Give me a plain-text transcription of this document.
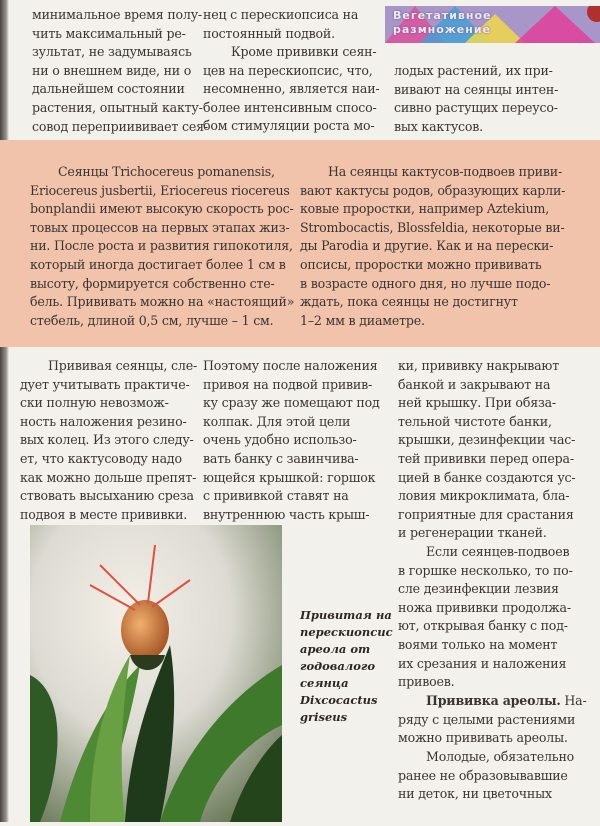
минимальное время полу-
чить максимальный ре-
зультат, не задумываясь
ни о внешнем виде, ни о
дальнейшем состоянии
растения, опытный какту-
совод переприививает сея-
нец с перескиопсиса на
постоянный подвой.
Кроме прививки сеян-
цев на перескиопсис, что,
несомненно, является наи-
более интенсивным спосо-
бом стимуляции роста мо-
Вегетативное
размножение
лодых растений, их при-
вивают на сеянцы интен-
сивно растущих переусо-
вых кактусов.
Сеянцы Trichocereus pomanensis,
Eriocereus jusbertii, Eriocereus riocereus
bonplandii имеют высокую скорость рос-
товых процессов на первых этапах жиз-
ни. После роста и развития гипокотиля,
который иногда достигает более 1 см в
высоту, формируется собственно сте-
бель. Прививать можно на «настоящий»
стебель, длиной 0,5 см, лучше – 1 см.
На сеянцы кактусов-подвоев приви-
вают кактусы родов, образующих карли-
ковые проростки, например Aztekium,
Strombocactis, Blossfeldia, некоторые ви-
ды Parodia и другие. Как и на перески-
опсисы, проростки можно прививать
в возрасте одного дня, но лучше подо-
ждать, пока сеянцы не достигнут
1–2 мм в диаметре.
Прививая сеянцы, сле-
дует учитывать практиче-
ски полную невозмож-
ность наложения резино-
вых колец. Из этого следу-
ет, что кактусоводу надо
как можно дольше препят-
ствовать высыханию среза
подвоя в месте прививки.
Поэтому после наложения
привоя на подвой привив-
ку сразу же помещают под
колпак. Для этой цели
очень удобно использо-
вать банку с завинчива-
ющейся крышкой: горшок
с прививкой ставят на
внутреннюю часть крыш-
ки, прививку накрывают
банкой и закрывают на
ней крышку. При обяза-
тельной чистоте банки,
крышки, дезинфекции час-
тей прививки перед опера-
цией в банке создаются ус-
ловия микроклимата, бла-
гоприятные для срастания
и регенерации тканей.
Если сеянцев-подвоев
в горшке несколько, то по-
сле дезинфекции лезвия
ножа прививки продолжа-
ют, открывая банку с под-
воями только на момент
их срезания и наложения
привоев.
Прививка ареолы. На-
ряду с целыми растениями
можно прививать ареолы.
Молодые, обязательно
ранее не образовывавшие
ни деток, ни цветочных
Привитая на
перескиопсис
ареола от
годовалого
сеянца
Dixcocactus
griseus
